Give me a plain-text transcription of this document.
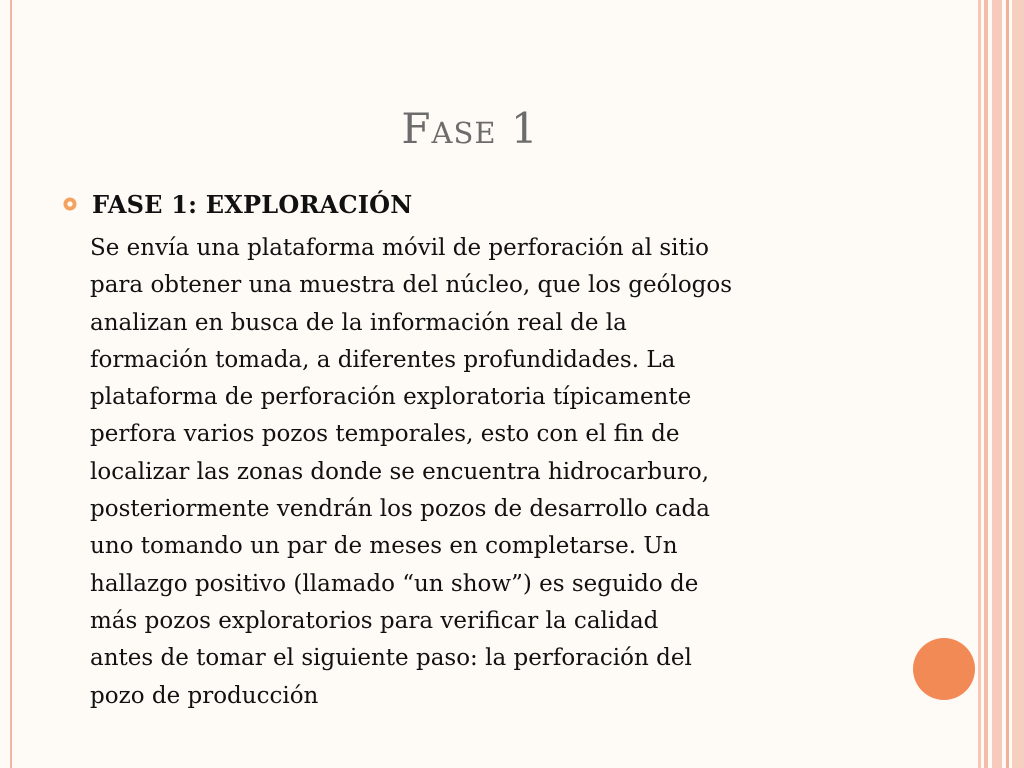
Fase 1
FASE 1: EXPLORACIÓN

Se envía una plataforma móvil de perforación al sitio
para obtener una muestra del núcleo, que los geólogos
analizan en busca de la información real de la
formación tomada, a diferentes profundidades. La
plataforma de perforación exploratoria típicamente
perfora varios pozos temporales, esto con el fin de
localizar las zonas donde se encuentra hidrocarburo,
posteriormente vendrán los pozos de desarrollo cada
uno tomando un par de meses en completarse. Un
hallazgo positivo (llamado “un show”) es seguido de
más pozos exploratorios para verificar la calidad
antes de tomar el siguiente paso: la perforación del
pozo de producción
